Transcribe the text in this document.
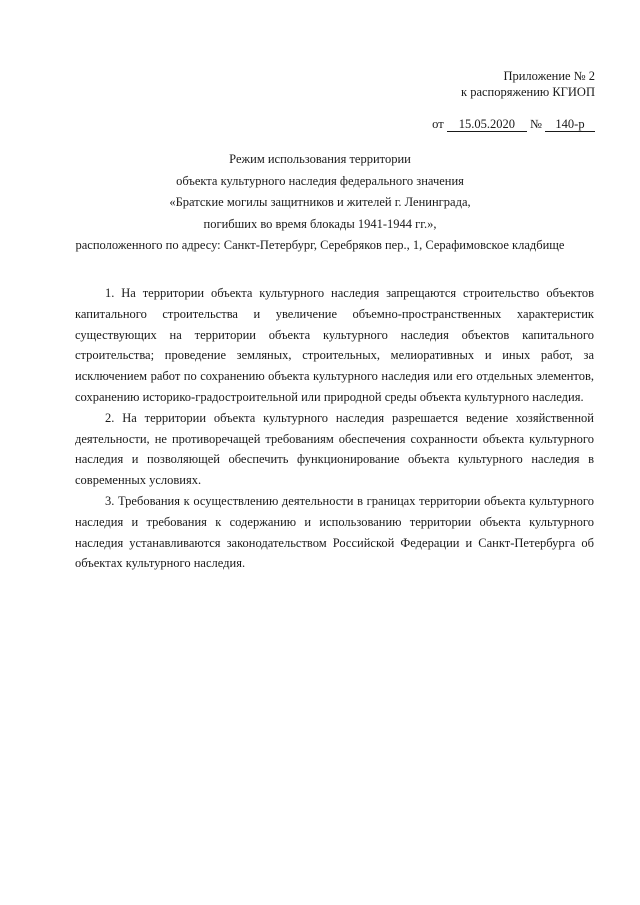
Приложение № 2
к распоряжению КГИОП
от 15.05.2020 № 140-р
Режим использования территории
объекта культурного наследия федерального значения
«Братские могилы защитников и жителей г. Ленинграда,
погибших во время блокады 1941-1944 гг.»,
расположенного по адресу: Санкт-Петербург, Серебряков пер., 1, Серафимовское кладбище

1. На территории объекта культурного наследия запрещаются строительство объектов капитального строительства и увеличение объемно-пространственных характеристик существующих на территории объекта культурного наследия объектов капитального строительства; проведение земляных, строительных, мелиоративных и иных работ, за исключением работ по сохранению объекта культурного наследия или его отдельных элементов, сохранению историко-градостроительной или природной среды объекта культурного наследия.

2. На территории объекта культурного наследия разрешается ведение хозяйственной деятельности, не противоречащей требованиям обеспечения сохранности объекта культурного наследия и позволяющей обеспечить функционирование объекта культурного наследия в современных условиях.

3. Требования к осуществлению деятельности в границах территории объекта культурного наследия и требования к содержанию и использованию территории объекта культурного наследия устанавливаются законодательством Российской Федерации и Санкт-Петербурга об объектах культурного наследия.
